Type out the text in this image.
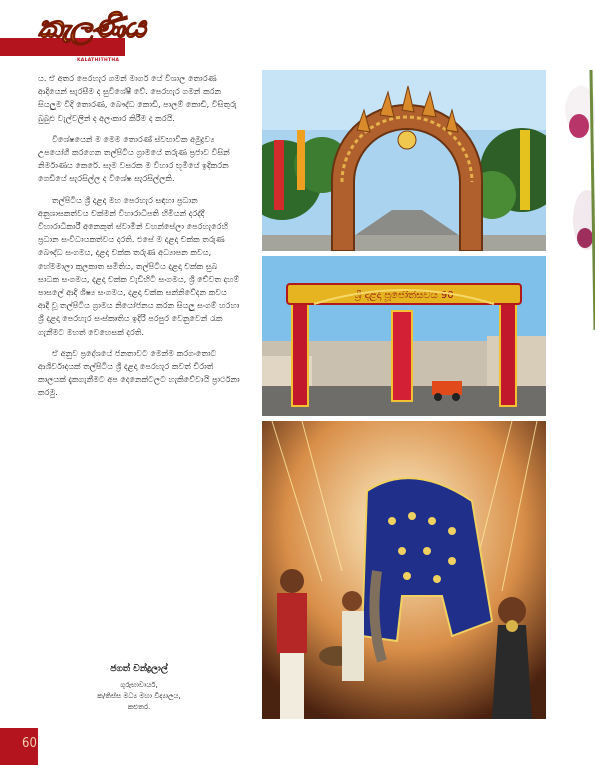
කැලණිය
KALATHITHTHA

ය. ඒ අතර පෙරහැර ගමන් මාර්ග යේ විශාල තොරණ ආදියෙන් සැරසීම ද සුවිශේෂී වේ. පෙරහැර ගමන් කරන සියලුම වීදි තොරණ, බෞද්ධ කොඩි, පාලම් කොඩි, විසිතුරු බුබුළු වැල්වලින් ද අලංකාර කිරීම ද කරයි.

විශේෂයෙන් ම මෙම තොරණ් ස්වභාවික අමුද්‍රව්‍ය උපයෝගී කරගෙන තල්පිටිය ග්‍රාමයේ තරුණ ප්‍රජාව විසින් නිර්මාණය කෙරේ. සෑම වසරක ම විහාර භූමියේ ඉදිකරන ගෙඩියේ සැරසිල්ල ද විශේෂ සැරසිල්ලකි.

තල්පිටිය ශ්‍රී දළදා මහ පෙරහැර සඳහා ප්‍රධාන අනුශාසකත්වය චක්මන් විහාරාධිපති හිමියන් දරද්දී විහාරාධිකාරී අනෙකුත් ස්වාමීන් වහන්සේලා පෙරහැරෙහි ප්‍රධාන සංවිධායකත්වය දරති. එසේ ම දළදා චක්ක තරුණ බෞද්ධ සංගමය, දළදා චක්ක තරුණ අධ්‍යාපන කවය, හේමමාලා කුලකාත සමිතිය, තල්පිටිය දළදා චක්ක සුබ සාධක සංගමය, දළදා චක්ක වැඩිහිටි සංගමය, ශ්‍රී චේවත දහම් පාසලේ ආදි ශිෂ්‍ය සංගමය, දළදා චක්ක සන්නිවේදන කවය ආදී වූ තල්පිටිය ග්‍රාමය නියෝජනය කරන සියලු සංගම් හරහා ශ්‍රී දළදා පෙරහැර සංස්කෘතිය ඉදිරි පරපුර වෙනුවෙන් රැක ගැනීමට මහත් වෙහෙසක් දරති.

ඒ අනුව ප්‍රදේශයේ ජනතාවට මෙන්ම කරගංතොට ආශිර්වාදයක් තල්පිටිය ශ්‍රී දළදා පෙරහැර කවත් චිරාත් කාලයක් දැකගැනීමට අප දෙනෙක්ටලට හැකිවේවායි ප්‍රාර්ථනා කරමු.

ජගත් චන්ද්‍රලාල්
ගුරුභාවාර්ය,
ක/තිස්ස මධ්‍ය මහා විද්‍යාලය,
කළුතර.
60
ශ්‍රී දළදා පූජෝත්සවය 90
